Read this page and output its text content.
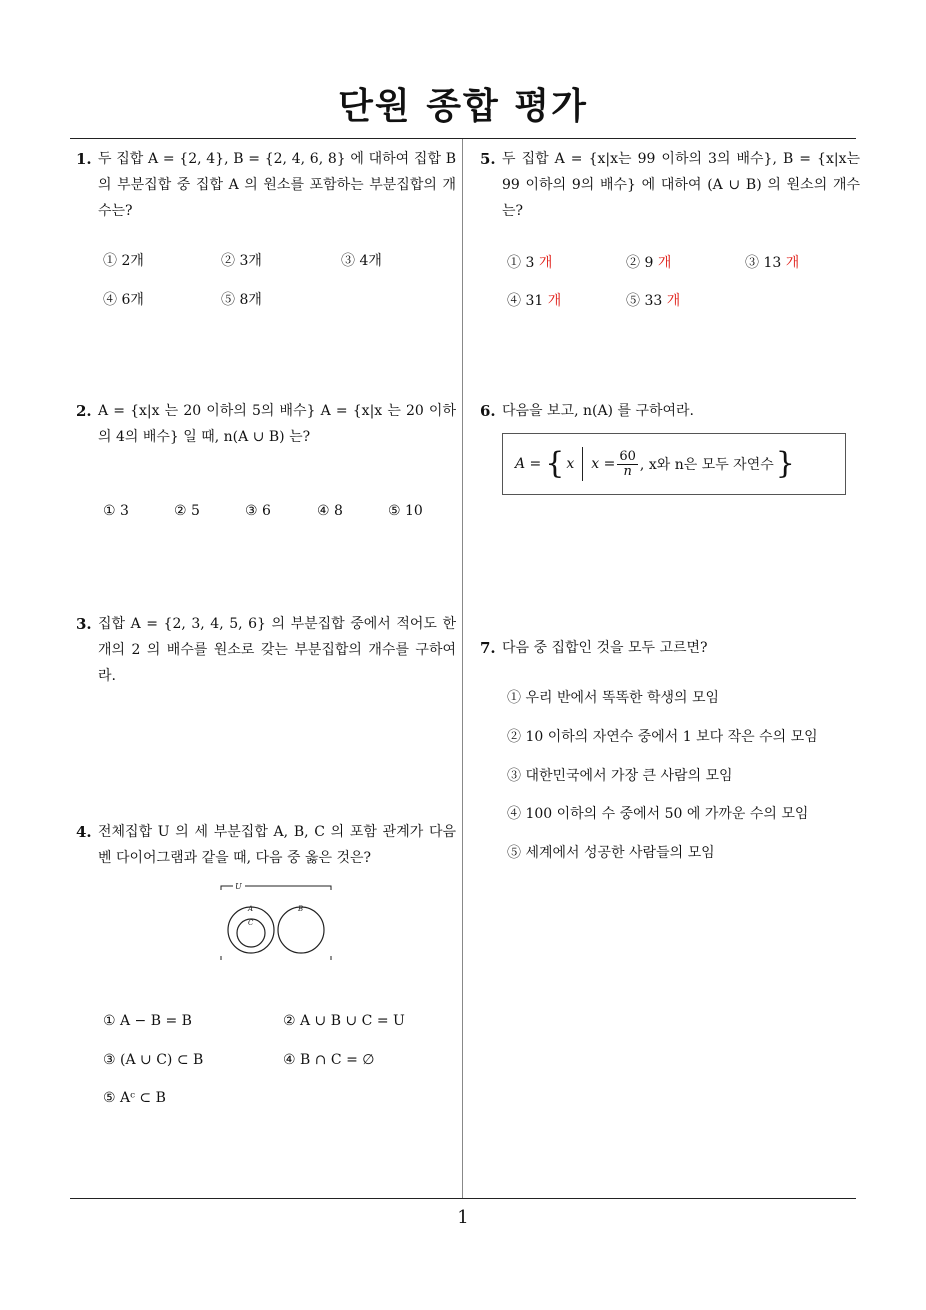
단원 종합 평가
1
1. 두 집합 A = {2, 4}, B = {2, 4, 6, 8} 에 대하여 집합 B 의 부분집합 중 집합 A 의 원소를 포함하는 부분집합의 개수는?
① 2개	② 3개	③ 4개
④ 6개	⑤ 8개
2. A = {x|x 는 20 이하의 5의 배수} A = {x|x 는 20 이하의 4의 배수} 일 때, n(A ∪ B) 는?
① 3	② 5	③ 6	④ 8	⑤ 10
3. 집합 A = {2, 3, 4, 5, 6} 의 부분집합 중에서 적어도 한 개의 2 의 배수를 원소로 갖는 부분집합의 개수를 구하여라.
4. 전체집합 U 의 세 부분집합 A, B, C 의 포함 관계가 다음 벤 다이어그램과 같을 때, 다음 중 옳은 것은?
U
A
C
B
① A − B = B	② A ∪ B ∪ C = U
③ (A ∪ C) ⊂ B	④ B ∩ C = ∅
⑤ Aᶜ ⊂ B
5. 두 집합 A = {x|x는 99 이하의 3의 배수}, B = {x|x는 99 이하의 9의 배수} 에 대하여 (A ∪ B) 의 원소의 개수는?
① 3 개	② 9 개	③ 13 개
④ 31 개	⑤ 33 개
6. 다음을 보고, n(A) 를 구하여라.
A = { x $x = \frac{60}{n}$ , x와 n은 모두 자연수 }
7. 다음 중 집합인 것을 모두 고르면?
① 우리 반에서 똑똑한 학생의 모임
② 10 이하의 자연수 중에서 1 보다 작은 수의 모임
③ 대한민국에서 가장 큰 사람의 모임
④ 100 이하의 수 중에서 50 에 가까운 수의 모임
⑤ 세계에서 성공한 사람들의 모임
